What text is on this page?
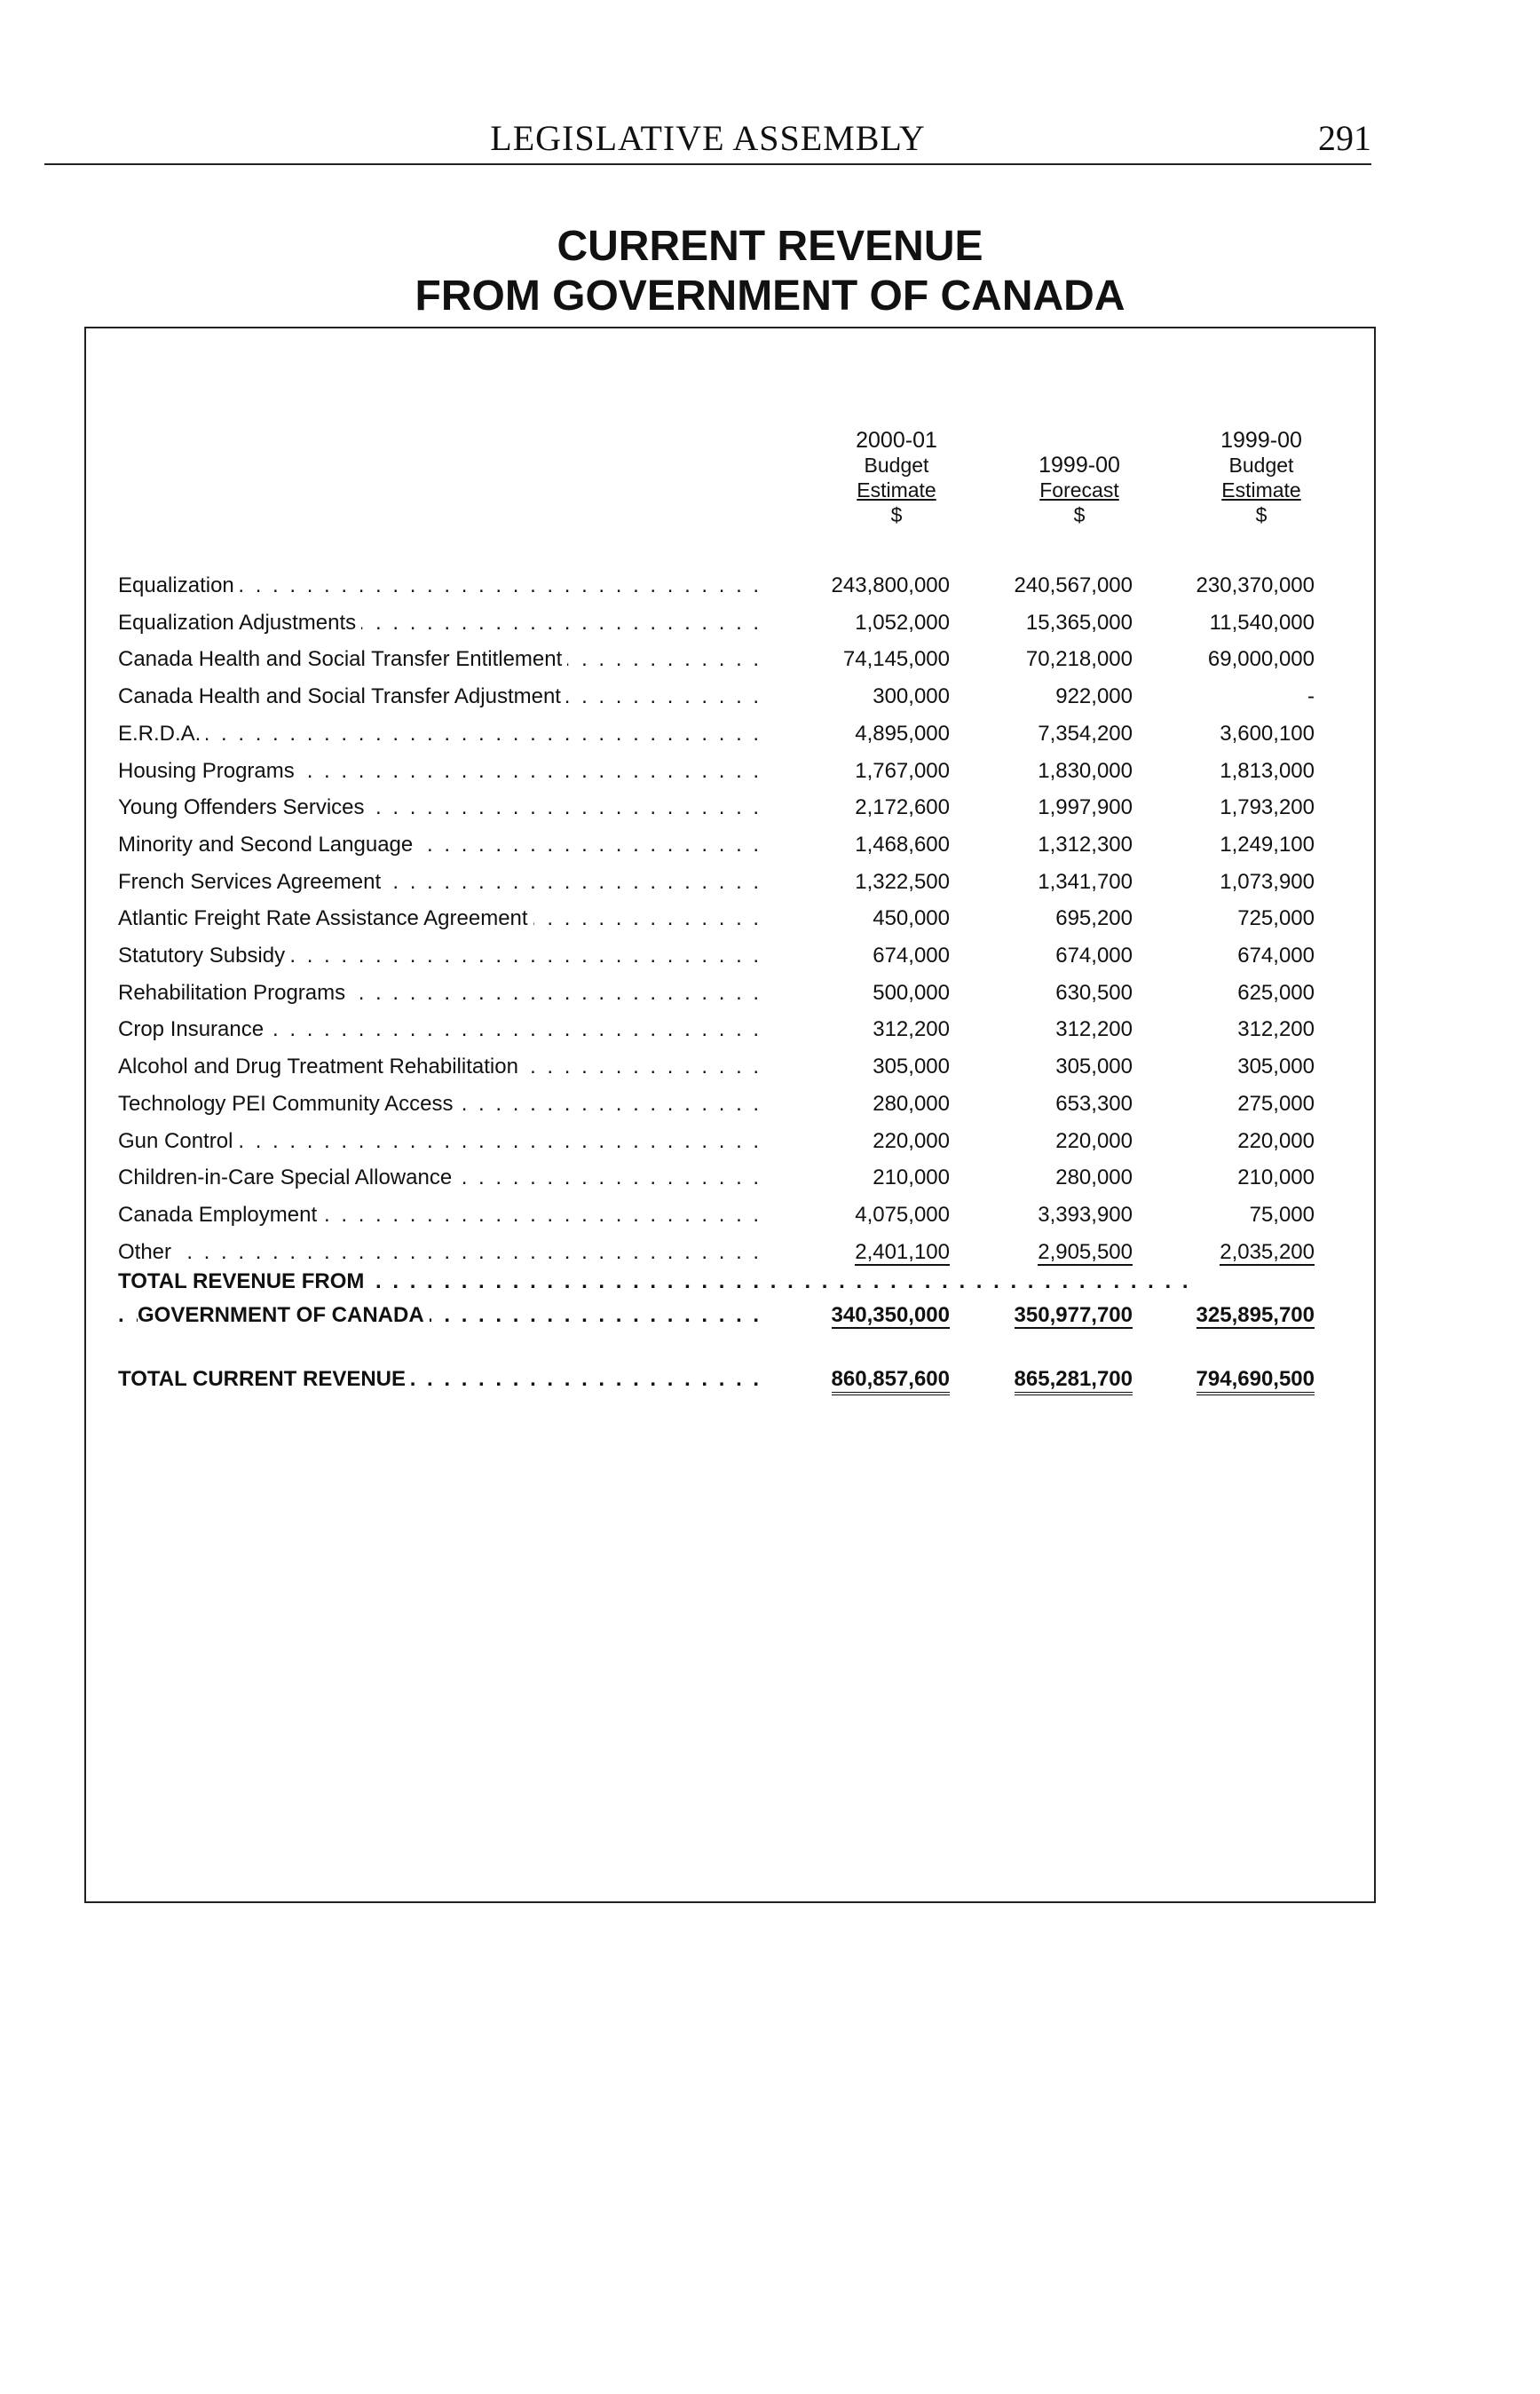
LEGISLATIVE ASSEMBLY	291
CURRENT REVENUE
FROM GOVERNMENT OF CANADA
2000-01
Budget
Estimate
$
1999-00
Forecast
$
1999-00
Budget
Estimate
$
Equalization . . .	243,800,000	240,567,000	230,370,000
Equalization Adjustments . . .	1,052,000	15,365,000	11,540,000
Canada Health and Social Transfer Entitlement . . .	74,145,000	70,218,000	69,000,000
Canada Health and Social Transfer Adjustment . . .	300,000	922,000	-
E.R.D.A. . . .	4,895,000	7,354,200	3,600,100
Housing Programs . . .	1,767,000	1,830,000	1,813,000
Young Offenders Services . . .	2,172,600	1,997,900	1,793,200
Minority and Second Language . . .	1,468,600	1,312,300	1,249,100
French Services Agreement . . .	1,322,500	1,341,700	1,073,900
Atlantic Freight Rate Assistance Agreement . . .	450,000	695,200	725,000
Statutory Subsidy . . .	674,000	674,000	674,000
Rehabilitation Programs . . .	500,000	630,500	625,000
Crop Insurance . . .	312,200	312,200	312,200
Alcohol and Drug Treatment Rehabilitation . . .	305,000	305,000	305,000
Technology PEI Community Access . . .	280,000	653,300	275,000
Gun Control . . .	220,000	220,000	220,000
Children-in-Care Special Allowance . . .	210,000	280,000	210,000
Canada Employment . . .	4,075,000	3,393,900	75,000
Other . . .	2,401,100	2,905,500	2,035,200
TOTAL REVENUE FROM . . .
GOVERNMENT OF CANADA . . .	340,350,000	350,977,700	325,895,700
TOTAL CURRENT REVENUE . . .	860,857,600	865,281,700	794,690,500
